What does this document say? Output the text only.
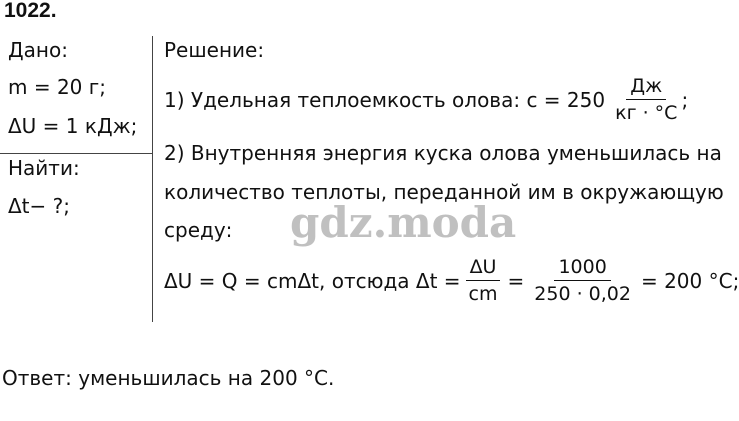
1022.
Дано:
m = 20 г;
ΔU = 1 кДж;
Найти:
Δt− ?;
Решение:
1) Удельная теплоемкость олова: $c = 250 \frac{Дж}{кг \cdot ^\circ C}$ ;
2) Внутренняя энергия куска олова уменьшилась на
количество теплоты, переданной им в окружающую
среду: gdz.moda
ΔU = Q = cmΔt, отсюда $\Delta t = \frac{\Delta U}{cm} = \frac{1000}{250 \cdot 0,02} = 200$ °C;
Ответ: уменьшилась на 200 °C.
